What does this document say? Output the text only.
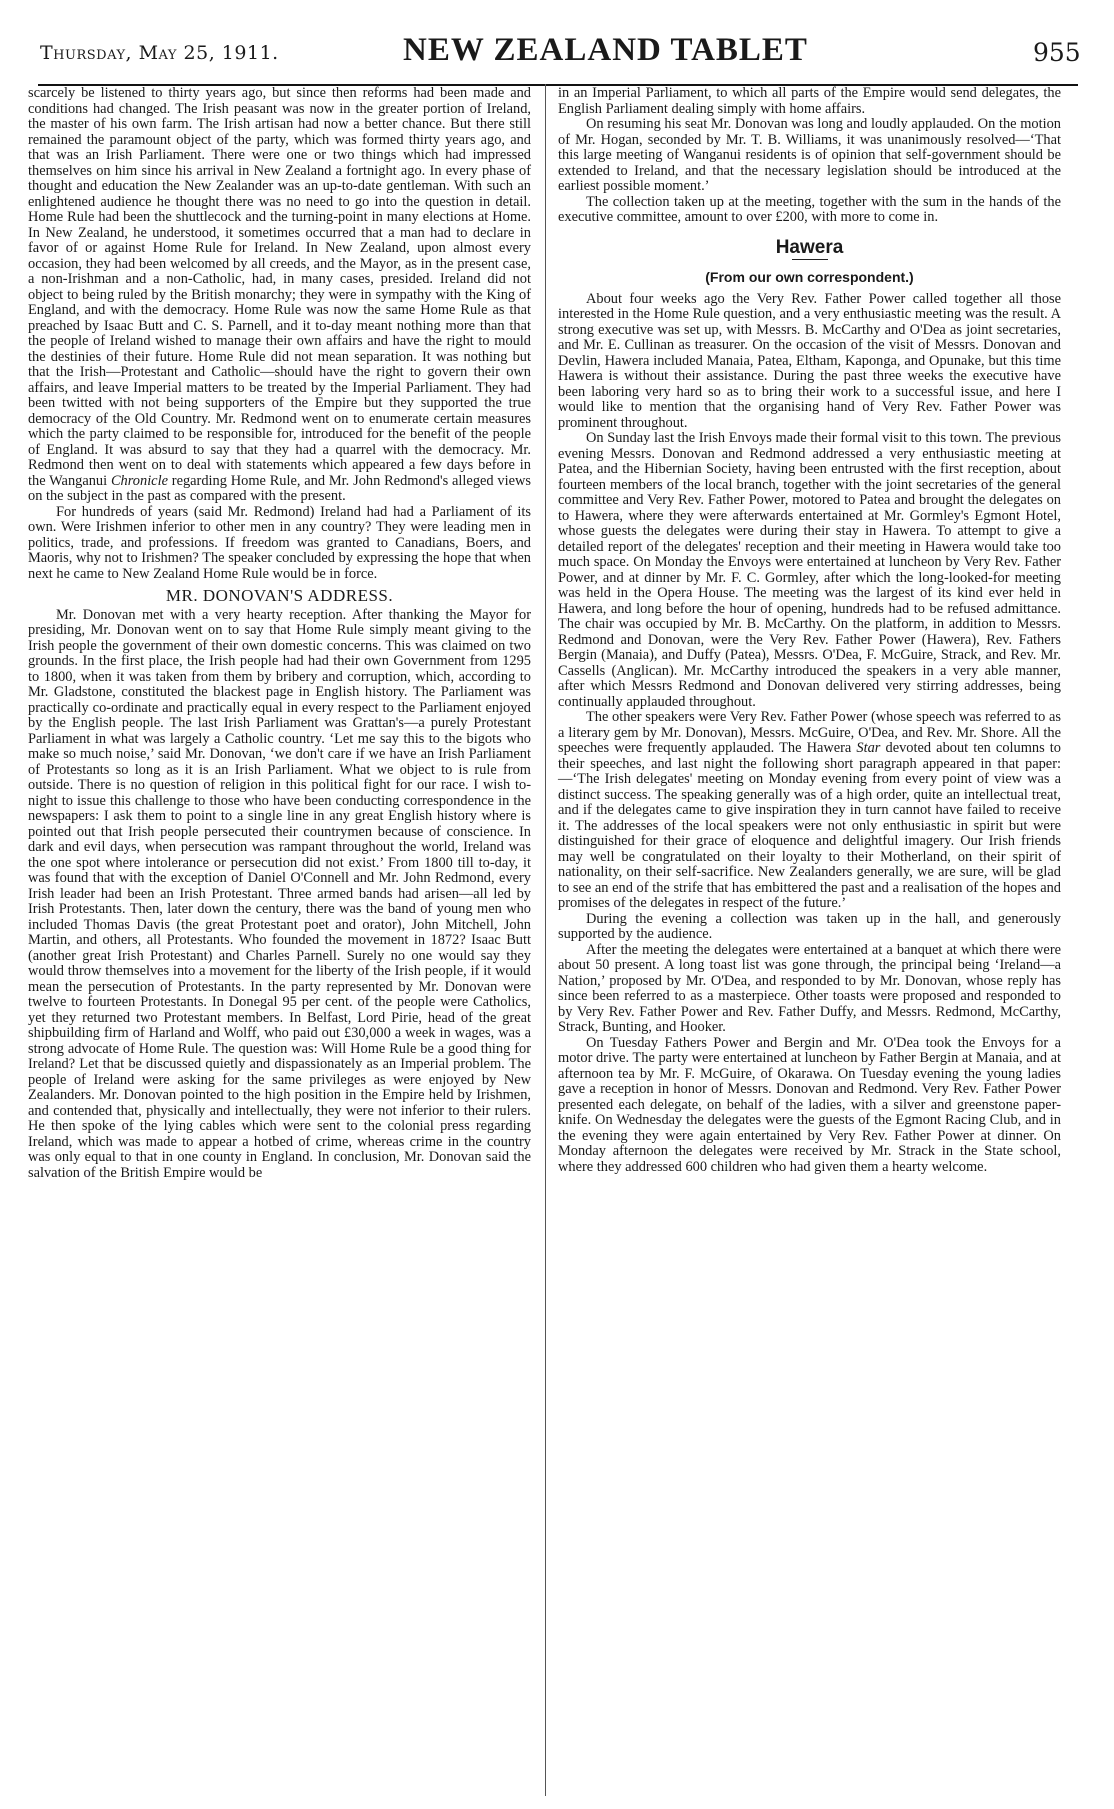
Thursday, May 25, 1911.	NEW ZEALAND TABLET	955

scarcely be listened to thirty years ago, but since then reforms had been made and conditions had changed. The Irish peasant was now in the greater portion of Ireland, the master of his own farm. The Irish artisan had now a better chance. But there still remained the paramount object of the party, which was formed thirty years ago, and that was an Irish Parliament. There were one or two things which had impressed themselves on him since his arrival in New Zealand a fortnight ago. In every phase of thought and education the New Zealander was an up-to-date gentleman. With such an enlightened audience he thought there was no need to go into the question in detail. Home Rule had been the shuttlecock and the turning-point in many elections at Home. In New Zealand, he understood, it sometimes occurred that a man had to declare in favor of or against Home Rule for Ireland. In New Zealand, upon almost every occasion, they had been welcomed by all creeds, and the Mayor, as in the present case, a non-Irishman and a non-Catholic, had, in many cases, presided. Ireland did not object to being ruled by the British monarchy; they were in sympathy with the King of England, and with the democracy. Home Rule was now the same Home Rule as that preached by Isaac Butt and C. S. Parnell, and it to-day meant nothing more than that the people of Ireland wished to manage their own affairs and have the right to mould the destinies of their future. Home Rule did not mean separation. It was nothing but that the Irish—Protestant and Catholic—should have the right to govern their own affairs, and leave Imperial matters to be treated by the Imperial Parliament. They had been twitted with not being supporters of the Empire but they supported the true democracy of the Old Country. Mr. Redmond went on to enumerate certain measures which the party claimed to be responsible for, introduced for the benefit of the people of England. It was absurd to say that they had a quarrel with the democracy. Mr. Redmond then went on to deal with statements which appeared a few days before in the Wanganui Chronicle regarding Home Rule, and Mr. John Redmond's alleged views on the subject in the past as compared with the present.

For hundreds of years (said Mr. Redmond) Ireland had had a Parliament of its own. Were Irishmen inferior to other men in any country? They were leading men in politics, trade, and professions. If freedom was granted to Canadians, Boers, and Maoris, why not to Irishmen? The speaker concluded by expressing the hope that when next he came to New Zealand Home Rule would be in force.

MR. DONOVAN'S ADDRESS.

Mr. Donovan met with a very hearty reception. After thanking the Mayor for presiding, Mr. Donovan went on to say that Home Rule simply meant giving to the Irish people the government of their own domestic concerns. This was claimed on two grounds. In the first place, the Irish people had had their own Government from 1295 to 1800, when it was taken from them by bribery and corruption, which, according to Mr. Gladstone, constituted the blackest page in English history. The Parliament was practically co-ordinate and practically equal in every respect to the Parliament enjoyed by the English people. The last Irish Parliament was Grattan's—a purely Protestant Parliament in what was largely a Catholic country. ‘Let me say this to the bigots who make so much noise,’ said Mr. Donovan, ‘we don't care if we have an Irish Parliament of Protestants so long as it is an Irish Parliament. What we object to is rule from outside. There is no question of religion in this political fight for our race. I wish to-night to issue this challenge to those who have been conducting correspondence in the newspapers: I ask them to point to a single line in any great English history where is pointed out that Irish people persecuted their countrymen because of conscience. In dark and evil days, when persecution was rampant throughout the world, Ireland was the one spot where intolerance or persecution did not exist.’ From 1800 till to-day, it was found that with the exception of Daniel O'Connell and Mr. John Redmond, every Irish leader had been an Irish Protestant. Three armed bands had arisen—all led by Irish Protestants. Then, later down the century, there was the band of young men who included Thomas Davis (the great Protestant poet and orator), John Mitchell, John Martin, and others, all Protestants. Who founded the movement in 1872? Isaac Butt (another great Irish Protestant) and Charles Parnell. Surely no one would say they would throw themselves into a movement for the liberty of the Irish people, if it would mean the persecution of Protestants. In the party represented by Mr. Donovan were twelve to fourteen Protestants. In Donegal 95 per cent. of the people were Catholics, yet they returned two Protestant members. In Belfast, Lord Pirie, head of the great shipbuilding firm of Harland and Wolff, who paid out £30,000 a week in wages, was a strong advocate of Home Rule. The question was: Will Home Rule be a good thing for Ireland? Let that be discussed quietly and dispassionately as an Imperial problem. The people of Ireland were asking for the same privileges as were enjoyed by New Zealanders. Mr. Donovan pointed to the high position in the Empire held by Irishmen, and contended that, physically and intellectually, they were not inferior to their rulers. He then spoke of the lying cables which were sent to the colonial press regarding Ireland, which was made to appear a hotbed of crime, whereas crime in the country was only equal to that in one county in England. In conclusion, Mr. Donovan said the salvation of the British Empire would be

in an Imperial Parliament, to which all parts of the Empire would send delegates, the English Parliament dealing simply with home affairs.

On resuming his seat Mr. Donovan was long and loudly applauded. On the motion of Mr. Hogan, seconded by Mr. T. B. Williams, it was unanimously resolved—‘That this large meeting of Wanganui residents is of opinion that self-government should be extended to Ireland, and that the necessary legislation should be introduced at the earliest possible moment.’

The collection taken up at the meeting, together with the sum in the hands of the executive committee, amount to over £200, with more to come in.

Hawera
(From our own correspondent.)

About four weeks ago the Very Rev. Father Power called together all those interested in the Home Rule question, and a very enthusiastic meeting was the result. A strong executive was set up, with Messrs. B. McCarthy and O'Dea as joint secretaries, and Mr. E. Cullinan as treasurer. On the occasion of the visit of Messrs. Donovan and Devlin, Hawera included Manaia, Patea, Eltham, Kaponga, and Opunake, but this time Hawera is without their assistance. During the past three weeks the executive have been laboring very hard so as to bring their work to a successful issue, and here I would like to mention that the organising hand of Very Rev. Father Power was prominent throughout.

On Sunday last the Irish Envoys made their formal visit to this town. The previous evening Messrs. Donovan and Redmond addressed a very enthusiastic meeting at Patea, and the Hibernian Society, having been entrusted with the first reception, about fourteen members of the local branch, together with the joint secretaries of the general committee and Very Rev. Father Power, motored to Patea and brought the delegates on to Hawera, where they were afterwards entertained at Mr. Gormley's Egmont Hotel, whose guests the delegates were during their stay in Hawera. To attempt to give a detailed report of the delegates' reception and their meeting in Hawera would take too much space. On Monday the Envoys were entertained at luncheon by Very Rev. Father Power, and at dinner by Mr. F. C. Gormley, after which the long-looked-for meeting was held in the Opera House. The meeting was the largest of its kind ever held in Hawera, and long before the hour of opening, hundreds had to be refused admittance. The chair was occupied by Mr. B. McCarthy. On the platform, in addition to Messrs. Redmond and Donovan, were the Very Rev. Father Power (Hawera), Rev. Fathers Bergin (Manaia), and Duffy (Patea), Messrs. O'Dea, F. McGuire, Strack, and Rev. Mr. Cassells (Anglican). Mr. McCarthy introduced the speakers in a very able manner, after which Messrs Redmond and Donovan delivered very stirring addresses, being continually applauded throughout.

The other speakers were Very Rev. Father Power (whose speech was referred to as a literary gem by Mr. Donovan), Messrs. McGuire, O'Dea, and Rev. Mr. Shore. All the speeches were frequently applauded. The Hawera Star devoted about ten columns to their speeches, and last night the following short paragraph appeared in that paper:—‘The Irish delegates' meeting on Monday evening from every point of view was a distinct success. The speaking generally was of a high order, quite an intellectual treat, and if the delegates came to give inspiration they in turn cannot have failed to receive it. The addresses of the local speakers were not only enthusiastic in spirit but were distinguished for their grace of eloquence and delightful imagery. Our Irish friends may well be congratulated on their loyalty to their Motherland, on their spirit of nationality, on their self-sacrifice. New Zealanders generally, we are sure, will be glad to see an end of the strife that has embittered the past and a realisation of the hopes and promises of the delegates in respect of the future.’

During the evening a collection was taken up in the hall, and generously supported by the audience.

After the meeting the delegates were entertained at a banquet at which there were about 50 present. A long toast list was gone through, the principal being ‘Ireland—a Nation,’ proposed by Mr. O'Dea, and responded to by Mr. Donovan, whose reply has since been referred to as a masterpiece. Other toasts were proposed and responded to by Very Rev. Father Power and Rev. Father Duffy, and Messrs. Redmond, McCarthy, Strack, Bunting, and Hooker.

On Tuesday Fathers Power and Bergin and Mr. O'Dea took the Envoys for a motor drive. The party were entertained at luncheon by Father Bergin at Manaia, and at afternoon tea by Mr. F. McGuire, of Okarawa. On Tuesday evening the young ladies gave a reception in honor of Messrs. Donovan and Redmond. Very Rev. Father Power presented each delegate, on behalf of the ladies, with a silver and greenstone paper-knife. On Wednesday the delegates were the guests of the Egmont Racing Club, and in the evening they were again entertained by Very Rev. Father Power at dinner. On Monday afternoon the delegates were received by Mr. Strack in the State school, where they addressed 600 children who had given them a hearty welcome.
